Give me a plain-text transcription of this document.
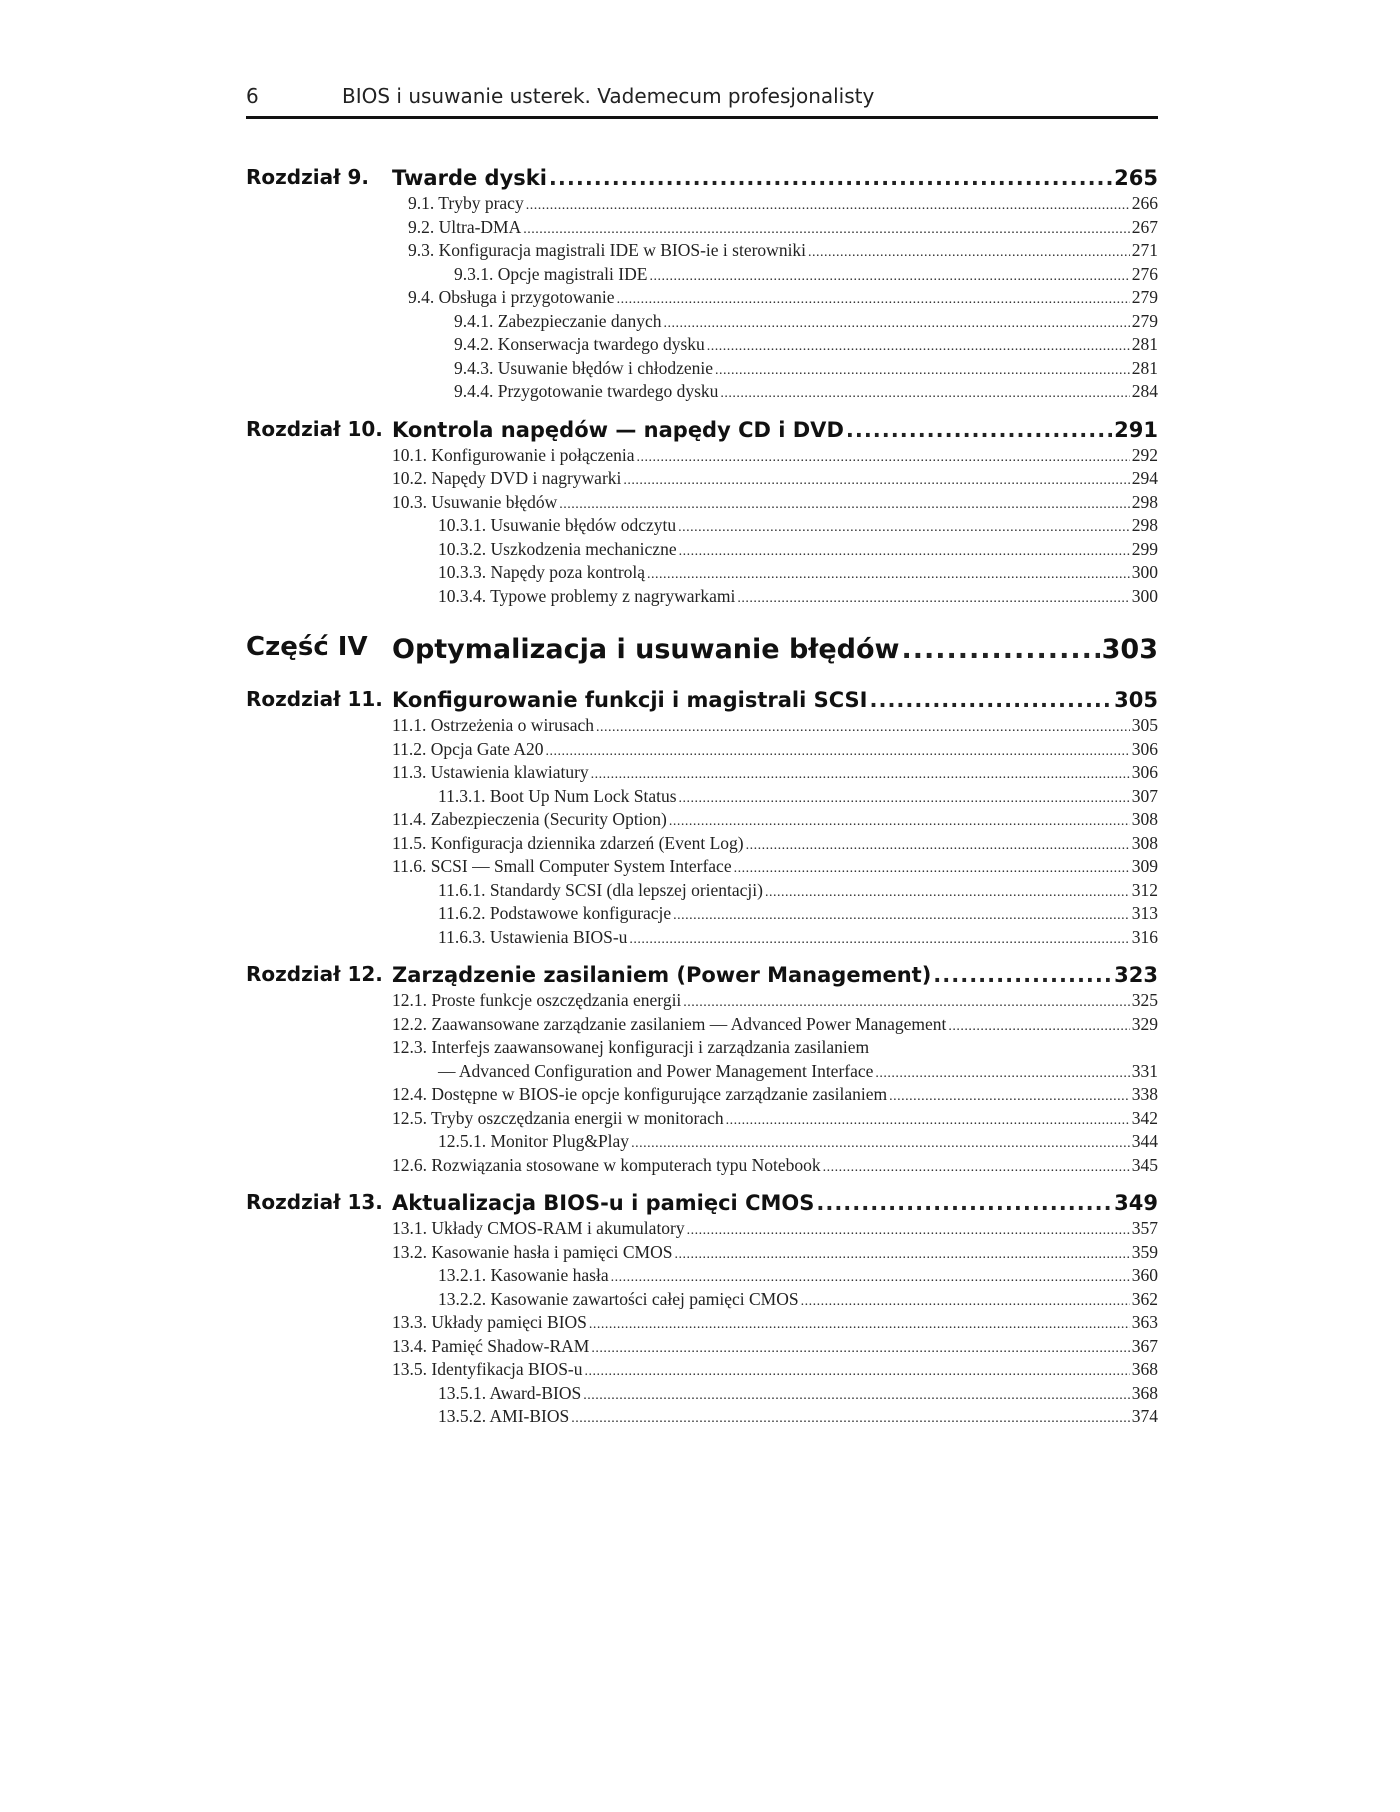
6	BIOS i usuwanie usterek. Vademecum profesjonalisty
Rozdział 9. Twarde dyski .....	265
9.1. Tryby pracy .....	266
9.2. Ultra-DMA .....	267
9.3. Konfiguracja magistrali IDE w BIOS-ie i sterowniki .....	271
9.3.1. Opcje magistrali IDE .....	276
9.4. Obsługa i przygotowanie .....	279
9.4.1. Zabezpieczanie danych .....	279
9.4.2. Konserwacja twardego dysku .....	281
9.4.3. Usuwanie błędów i chłodzenie .....	281
9.4.4. Przygotowanie twardego dysku .....	284
Rozdział 10. Kontrola napędów — napędy CD i DVD .....	291
10.1. Konfigurowanie i połączenia .....	292
10.2. Napędy DVD i nagrywarki .....	294
10.3. Usuwanie błędów .....	298
10.3.1. Usuwanie błędów odczytu .....	298
10.3.2. Uszkodzenia mechaniczne .....	299
10.3.3. Napędy poza kontrolą .....	300
10.3.4. Typowe problemy z nagrywarkami .....	300
Część IV Optymalizacja i usuwanie błędów .....	303
Rozdział 11. Konfigurowanie funkcji i magistrali SCSI .....	305
11.1. Ostrzeżenia o wirusach .....	305
11.2. Opcja Gate A20 .....	306
11.3. Ustawienia klawiatury .....	306
11.3.1. Boot Up Num Lock Status .....	307
11.4. Zabezpieczenia (Security Option) .....	308
11.5. Konfiguracja dziennika zdarzeń (Event Log) .....	308
11.6. SCSI — Small Computer System Interface .....	309
11.6.1. Standardy SCSI (dla lepszej orientacji) .....	312
11.6.2. Podstawowe konfiguracje .....	313
11.6.3. Ustawienia BIOS-u .....	316
Rozdział 12. Zarządzenie zasilaniem (Power Management) .....	323
12.1. Proste funkcje oszczędzania energii .....	325
12.2. Zaawansowane zarządzanie zasilaniem — Advanced Power Management .....	329
12.3. Interfejs zaawansowanej konfiguracji i zarządzania zasilaniem
— Advanced Configuration and Power Management Interface .....	331
12.4. Dostępne w BIOS-ie opcje konfigurujące zarządzanie zasilaniem .....	338
12.5. Tryby oszczędzania energii w monitorach .....	342
12.5.1. Monitor Plug&Play .....	344
12.6. Rozwiązania stosowane w komputerach typu Notebook .....	345
Rozdział 13. Aktualizacja BIOS-u i pamięci CMOS .....	349
13.1. Układy CMOS-RAM i akumulatory .....	357
13.2. Kasowanie hasła i pamięci CMOS .....	359
13.2.1. Kasowanie hasła .....	360
13.2.2. Kasowanie zawartości całej pamięci CMOS .....	362
13.3. Układy pamięci BIOS .....	363
13.4. Pamięć Shadow-RAM .....	367
13.5. Identyfikacja BIOS-u .....	368
13.5.1. Award-BIOS .....	368
13.5.2. AMI-BIOS .....	374
